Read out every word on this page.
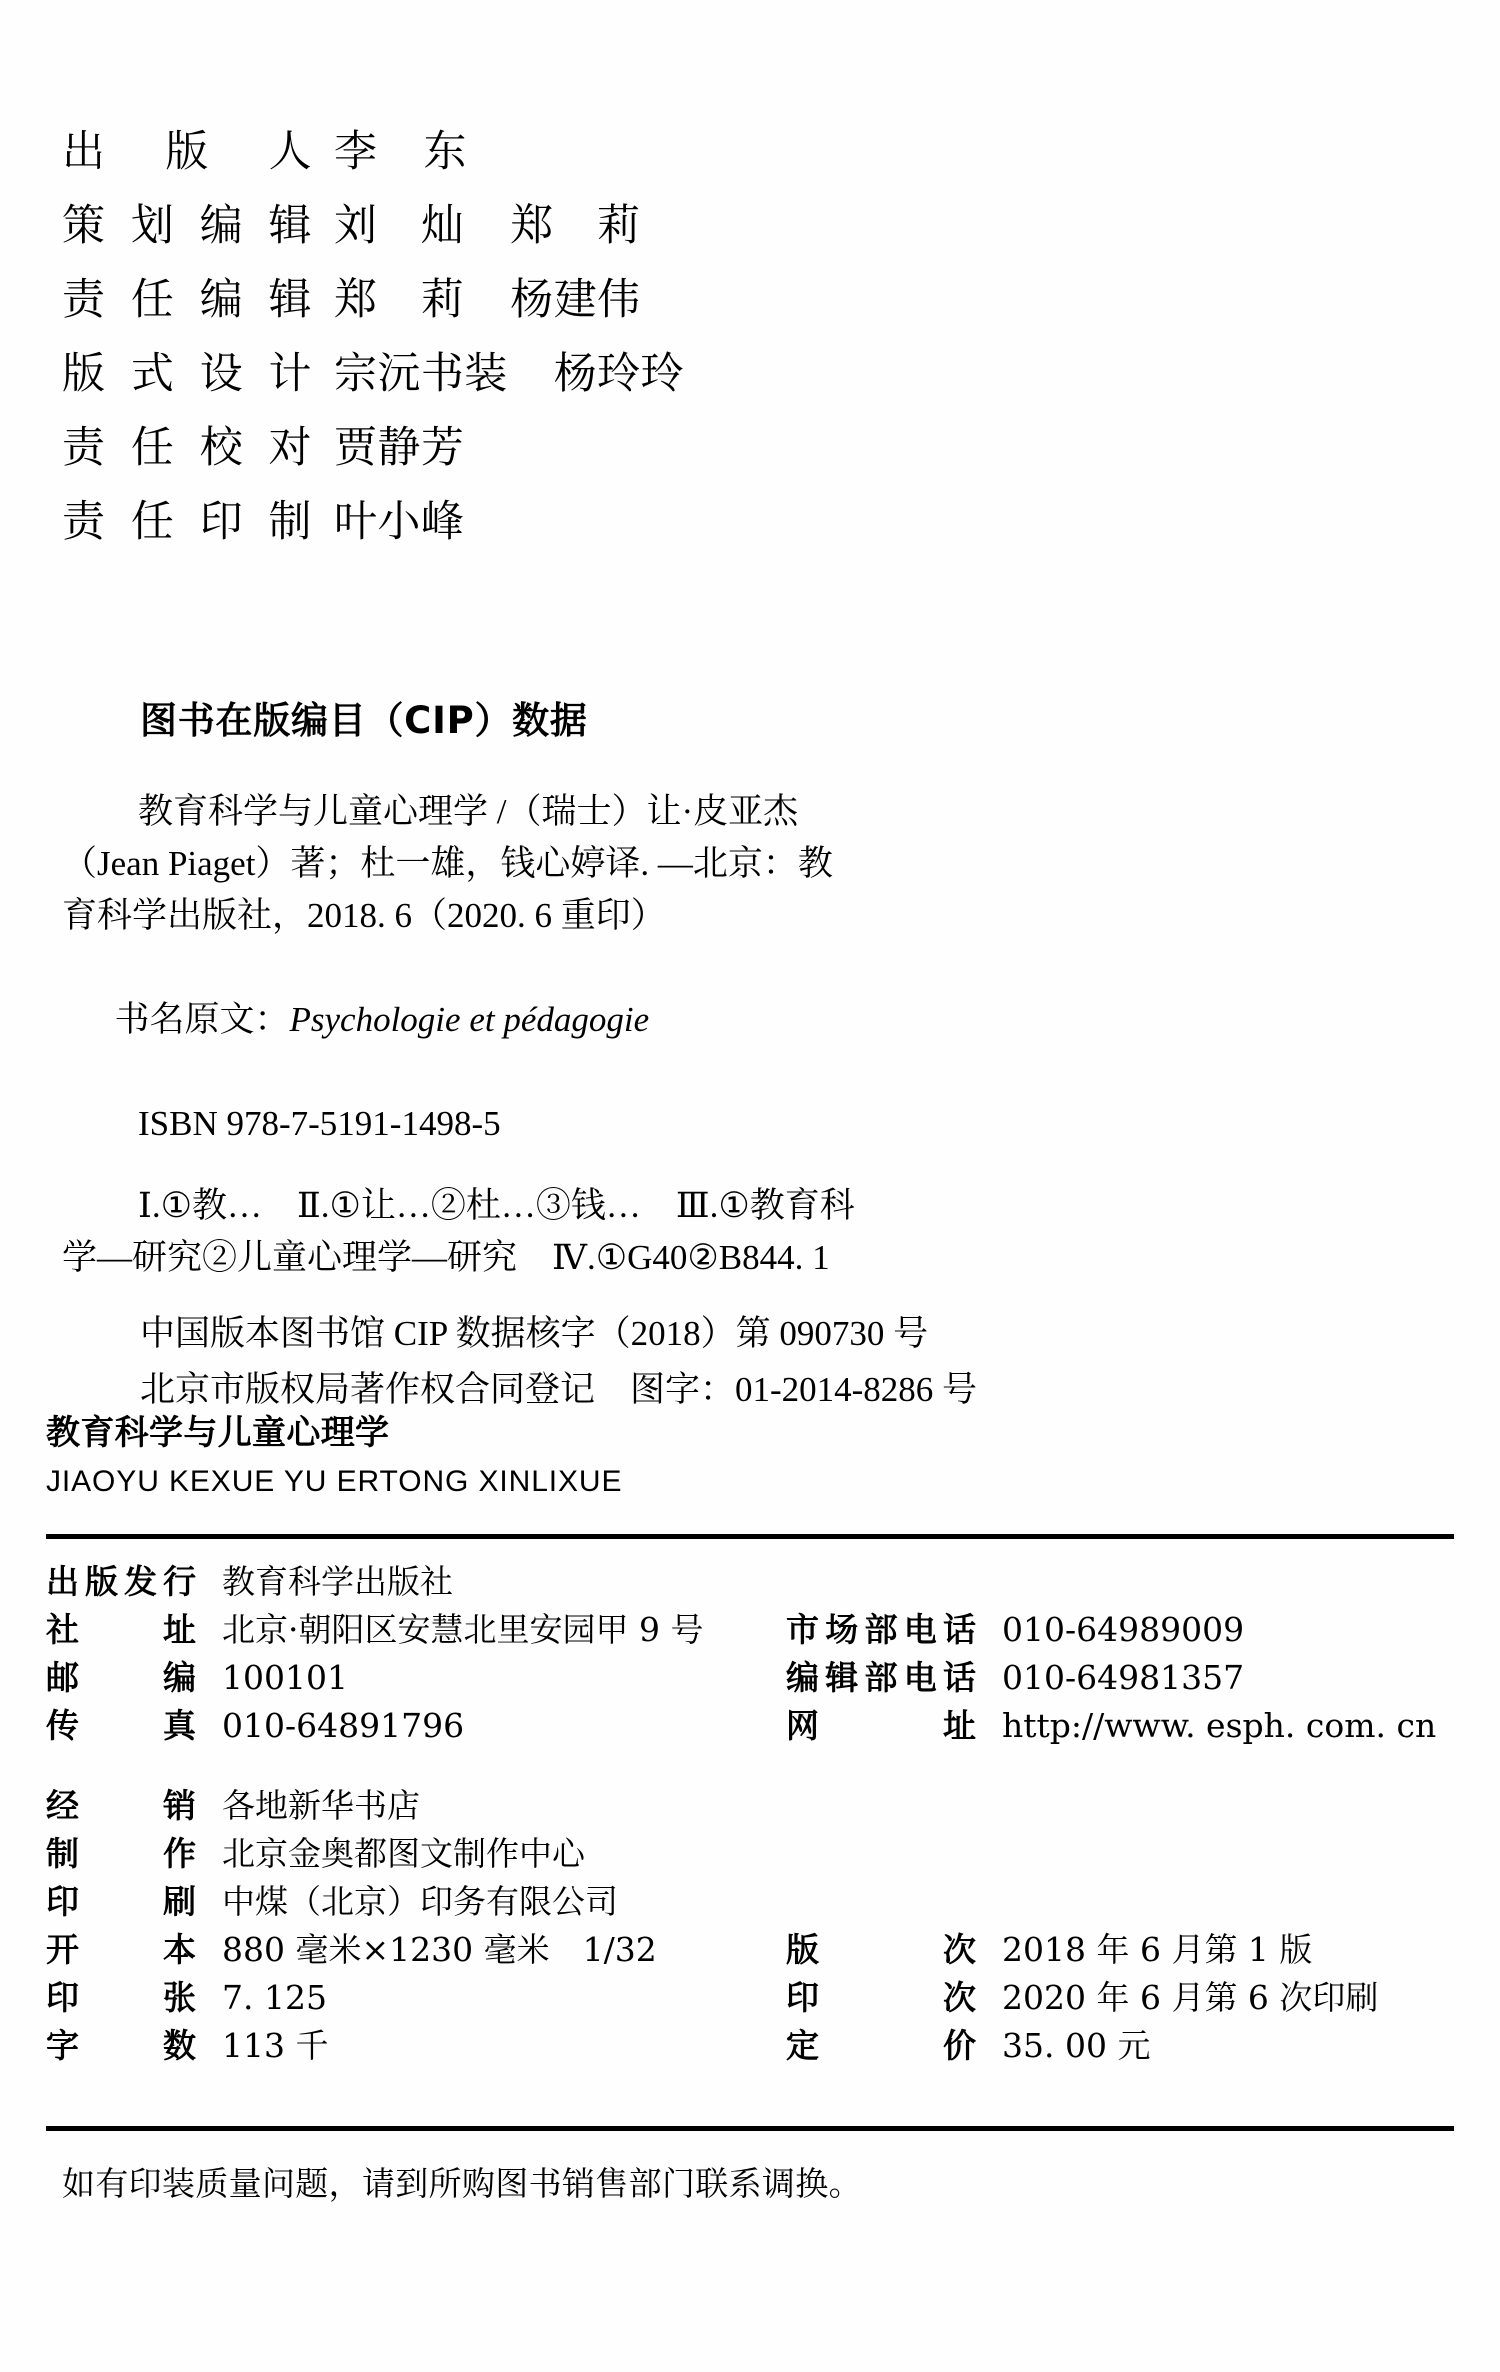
出 版 人 李 东
策 划 编 辑 刘　灿 郑　莉
责 任 编 辑 郑　莉 杨建伟
版 式 设 计 宗沅书装 杨玲玲
责 任 校 对 贾静芳
责 任 印 制 叶小峰
图书在版编目（CIP）数据
教育科学与儿童心理学 /（瑞士）让·皮亚杰
（Jean Piaget）著；杜一雄，钱心婷译. —北京：教
育科学出版社，2018. 6（2020. 6 重印）

书名原文：Psychologie et pédagogie

ISBN 978-7-5191-1498-5
Ⅰ.①教…　Ⅱ.①让…②杜…③钱…　Ⅲ.①教育科
学—研究②儿童心理学—研究　Ⅳ.①G40②B844. 1
中国版本图书馆 CIP 数据核字（2018）第 090730 号
北京市版权局著作权合同登记　图字：01-2014-8286 号
教育科学与儿童心理学
JIAOYU KEXUE YU ERTONG XINLIXUE
出 版 发 行 教育科学出版社
社	址 北京·朝阳区安慧北里安园甲 9 号	市 场 部 电 话 010-64989009
邮	编 100101	编 辑 部 电 话 010-64981357
传	真 010-64891796	网	址 http://www. esph. com. cn
经	销 各地新华书店
制	作 北京金奥都图文制作中心
印	刷 中煤（北京）印务有限公司
开	本 880 毫米×1230 毫米　1/32	版	次 2018 年 6 月第 1 版
印	张 7. 125	印	次 2020 年 6 月第 6 次印刷
字	数 113 千	定	价 35. 00 元
如有印装质量问题，请到所购图书销售部门联系调换。
